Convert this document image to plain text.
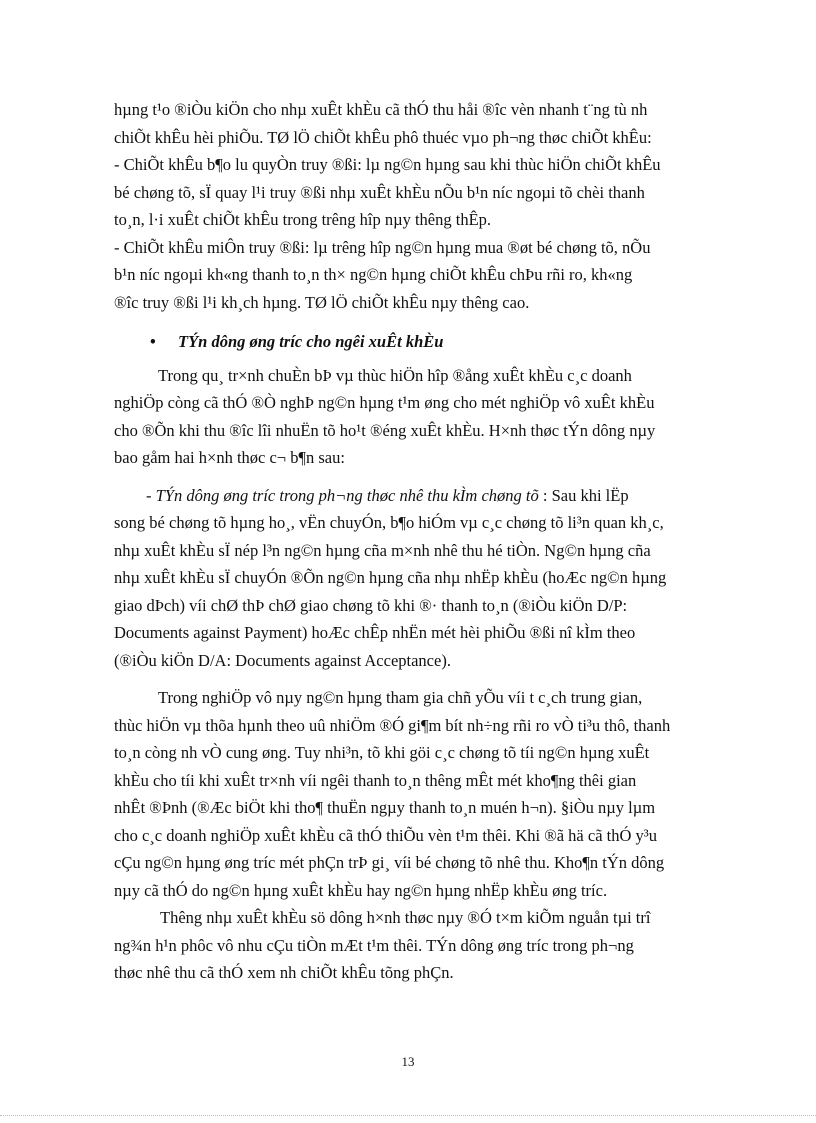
hµng t¹o ®iÒu kiÖn cho nhµ xuÊt khÈu cã thÓ thu håi ®îc vèn nhanh t¨ng tù nh
chiÕt khÊu hèi phiÕu. TØ lÖ chiÕt khÊu phô thuéc vµo ph¬ng thøc chiÕt khÊu:
- ChiÕt khÊu b¶o lu quyÒn truy ®ßi: lµ ng©n hµng sau khi thùc hiÖn chiÕt khÊu
bé chøng tõ, sÏ quay l¹i truy ®ßi nhµ xuÊt khÈu nÕu b¹n níc ngoµi tõ chèi thanh
to¸n, l·i xuÊt chiÕt khÊu trong trêng hîp nµy thêng thÊp.
- ChiÕt khÊu miÔn truy ®ßi: lµ trêng hîp ng©n hµng mua ®øt bé chøng tõ, nÕu
b¹n níc ngoµi kh«ng thanh to¸n th× ng©n hµng chiÕt khÊu chÞu rñi ro, kh«ng
®îc truy ®ßi l¹i kh¸ch hµng. TØ lÖ chiÕt khÊu nµy thêng cao.

• TÝn dông øng tríc cho ngêi xuÊt khÈu

Trong qu¸ tr×nh chuÈn bÞ vµ thùc hiÖn hîp ®ång xuÊt khÈu c¸c doanh
nghiÖp còng cã thÓ ®Ò nghÞ ng©n hµng t¹m øng cho mét nghiÖp vô xuÊt khÈu
cho ®Õn khi thu ®îc lîi nhuËn tõ ho¹t ®éng xuÊt khÈu. H×nh thøc tÝn dông nµy
bao gåm hai h×nh thøc c¬ b¶n sau:

- TÝn dông øng tríc trong ph¬ng thøc nhê thu kÌm chøng tõ : Sau khi lËp
song bé chøng tõ hµng ho¸, vËn chuyÓn, b¶o hiÓm vµ c¸c chøng tõ li³n quan kh¸c,
nhµ xuÊt khÈu sÏ nép l³n ng©n hµng cña m×nh nhê thu hé tiÒn. Ng©n hµng cña
nhµ xuÊt khÈu sÏ chuyÓn ®Õn ng©n hµng cña nhµ nhËp khÈu (hoÆc ng©n hµng
giao dÞch) víi chØ thÞ chØ giao chøng tõ khi ®· thanh to¸n (®iÒu kiÖn D/P:
Documents against Payment) hoÆc chÊp nhËn mét hèi phiÕu ®ßi nî kÌm theo
(®iÒu kiÖn D/A: Documents against Acceptance).

Trong nghiÖp vô nµy ng©n hµng tham gia chñ yÕu víi t c¸ch trung gian,
thùc hiÖn vµ thõa hµnh theo uû nhiÖm ®Ó gi¶m bít nh÷ng rñi ro vÒ ti³u thô, thanh
to¸n còng nh vÒ cung øng. Tuy nhi³n, tõ khi göi c¸c chøng tõ tíi ng©n hµng xuÊt
khÈu cho tíi khi xuÊt tr×nh víi ngêi thanh to¸n thêng mÊt mét kho¶ng thêi gian
nhÊt ®Þnh (®Æc biÖt khi tho¶ thuËn ngµy thanh to¸n muén h¬n). §iÒu nµy lµm
cho c¸c doanh nghiÖp xuÊt khÈu cã thÓ thiÕu vèn t¹m thêi. Khi ®ã hä cã thÓ y³u
cÇu ng©n hµng øng tríc mét phÇn trÞ gi¸ víi bé chøng tõ nhê thu. Kho¶n tÝn dông
nµy cã thÓ do ng©n hµng xuÊt khÈu hay ng©n hµng nhËp khÈu øng tríc.

Thêng nhµ xuÊt khÈu sö dông h×nh thøc nµy ®Ó t×m kiÕm nguån tµi trî
ng¾n h¹n phôc vô nhu cÇu tiÒn mÆt t¹m thêi. TÝn dông øng tríc trong ph¬ng
thøc nhê thu cã thÓ xem nh chiÕt khÊu tõng phÇn.

13
